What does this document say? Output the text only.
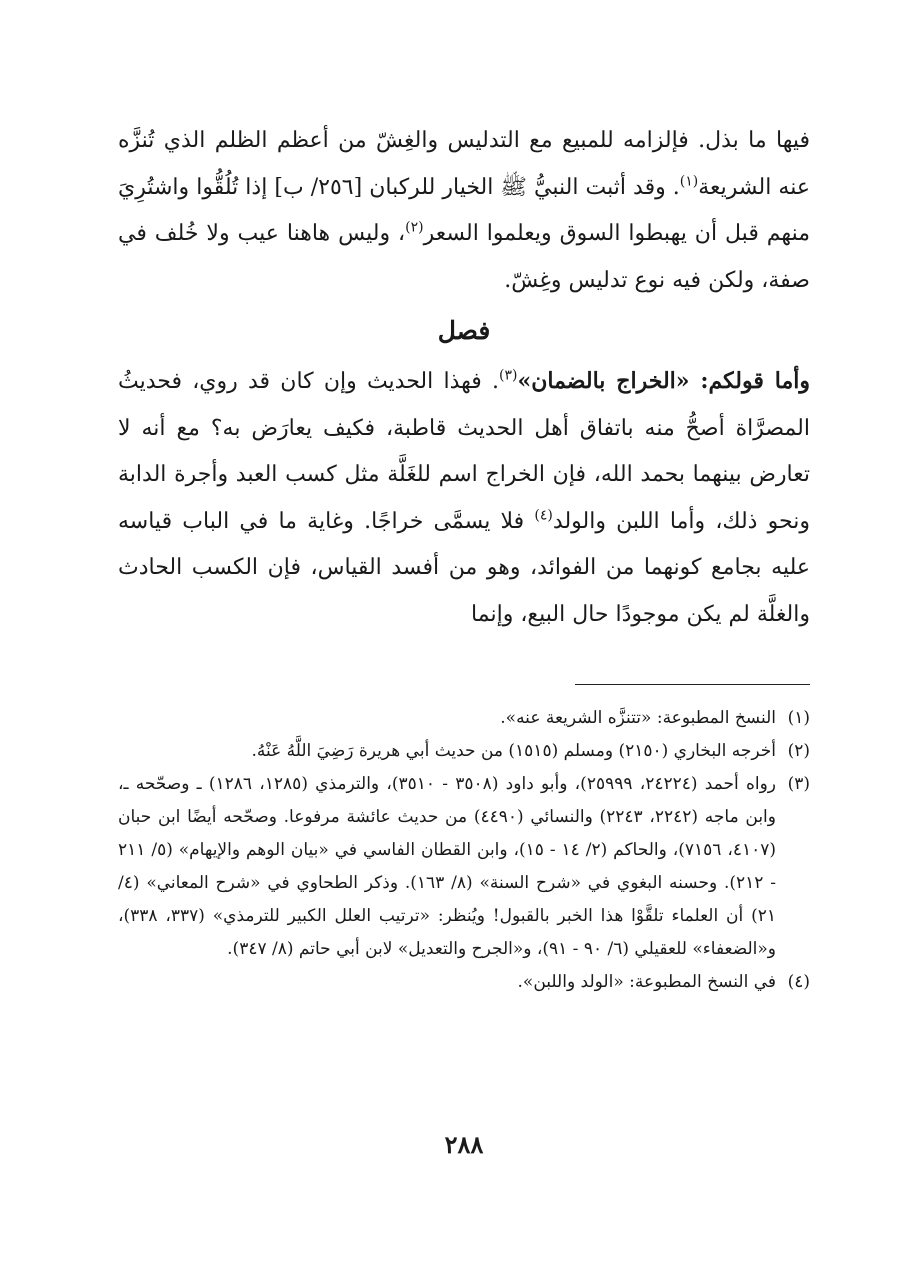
فيها ما بذل. فإلزامه للمبيع مع التدليس والغِشّ من أعظم الظلم الذي تُنزَّه عنه الشريعة$^{(١)}$. وقد أثبت النبيُّ ﷺ الخيار للركبان [٢٥٦/ ب] إذا تُلُقُّوا واشتُرِيَ منهم قبل أن يهبطوا السوق ويعلموا السعر$^{(٢)}$، وليس هاهنا عيب ولا خُلف في صفة، ولكن فيه نوع تدليس وغِشّ.

فصل

وأما قولكم: «الخراج بالضمان»$^{(٣)}$. فهذا الحديث وإن كان قد روي، فحديثُ المصرَّاة أصحُّ منه باتفاق أهل الحديث قاطبة، فكيف يعارَض به؟ مع أنه لا تعارض بينهما بحمد الله، فإن الخراج اسم للغَلَّة مثل كسب العبد وأجرة الدابة ونحو ذلك، وأما اللبن والولد$^{(٤)}$ فلا يسمَّى خراجًا. وغاية ما في الباب قياسه عليه بجامع كونهما من الفوائد، وهو من أفسد القياس، فإن الكسب الحادث والغلَّة لم يكن موجودًا حال البيع، وإنما

(١)
النسخ المطبوعة: «تتنزَّه الشريعة عنه».
(٢)
أخرجه البخاري (٢١٥٠) ومسلم (١٥١٥) من حديث أبي هريرة رَضِيَ اللَّهُ عَنْهُ.
(٣)
رواه أحمد (٢٤٢٢٤، ٢٥٩٩٩)، وأبو داود (٣٥٠٨ - ٣٥١٠)، والترمذي (١٢٨٥، ١٢٨٦) ـ وصحّحه ـ، وابن ماجه (٢٢٤٢، ٢٢٤٣) والنسائي (٤٤٩٠) من حديث عائشة مرفوعا. وصحّحه أيضًا ابن حبان (٤١٠٧، ٧١٥٦)، والحاكم (٢/ ١٤ - ١٥)، وابن القطان الفاسي في «بيان الوهم والإيهام» (٥/ ٢١١ - ٢١٢). وحسنه البغوي في «شرح السنة» (٨/ ١٦٣). وذكر الطحاوي في «شرح المعاني» (٤/ ٢١) أن العلماء تلقَّوْا هذا الخبر بالقبول! ويُنظر: «ترتيب العلل الكبير للترمذي» (٣٣٧، ٣٣٨)، و«الضعفاء» للعقيلي (٦/ ٩٠ - ٩١)، و«الجرح والتعديل» لابن أبي حاتم (٨/ ٣٤٧).
(٤)
في النسخ المطبوعة: «الولد واللبن».
٢٨٨
